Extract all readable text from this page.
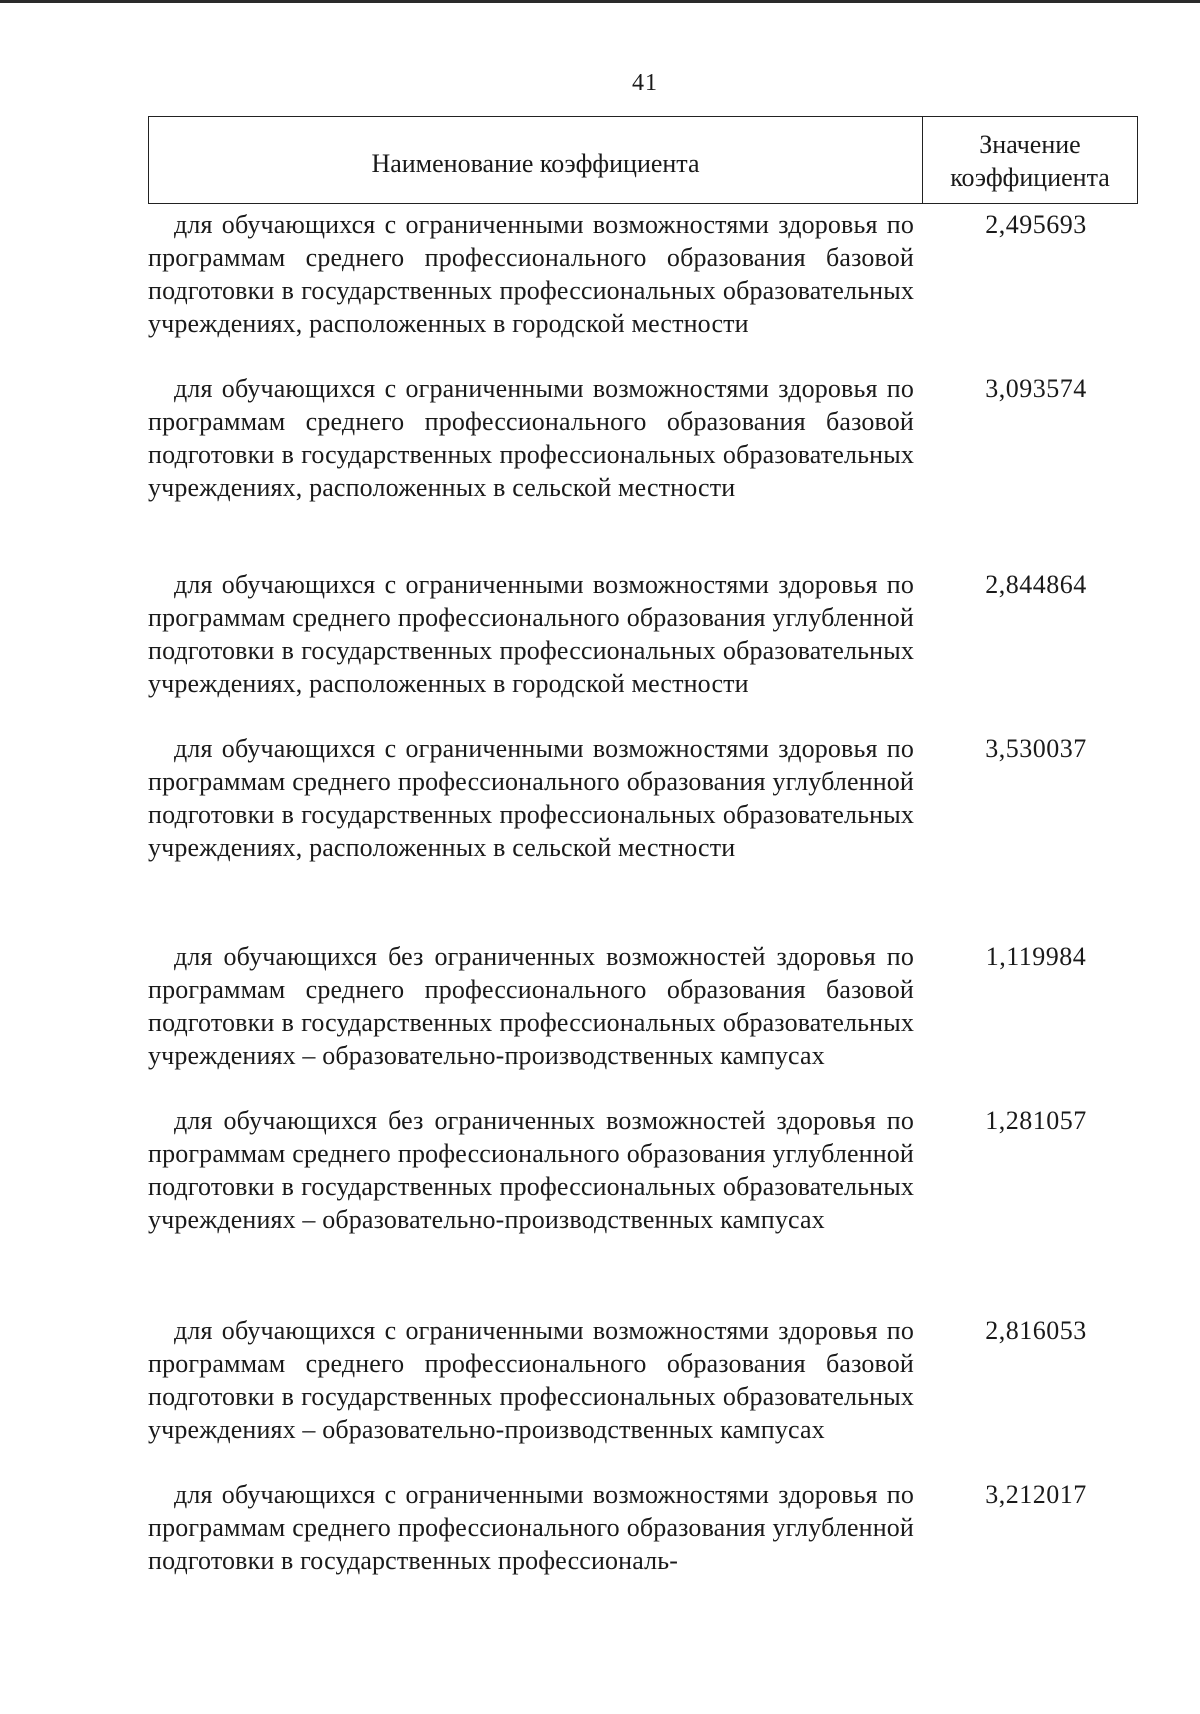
41
Наименование коэффициента
Значение
коэффициента
для обучающихся с ограниченными возможностями здоровья по программам среднего профессионального образования базовой подготовки в государственных профессиональных образовательных учреждениях, расположенных в городской местности
2,495693
для обучающихся с ограниченными возможностями здоровья по программам среднего профессионального образования базовой подготовки в государственных профессиональных образовательных учреждениях, расположенных в сельской местности
3,093574
для обучающихся с ограниченными возможностями здоровья по программам среднего профессионального образования углубленной подготовки в государственных профессиональных образовательных учреждениях, расположенных в городской местности
2,844864
для обучающихся с ограниченными возможностями здоровья по программам среднего профессионального образования углубленной подготовки в государственных профессиональных образовательных учреждениях, расположенных в сельской местности
3,530037
для обучающихся без ограниченных возможностей здоровья по программам среднего профессионального образования базовой подготовки в государственных профессиональных образовательных учреждениях – образовательно-производственных кампусах
1,119984
для обучающихся без ограниченных возможностей здоровья по программам среднего профессионального образования углубленной подготовки в государственных профессиональных образовательных учреждениях – образовательно-производственных кампусах
1,281057
для обучающихся с ограниченными возможностями здоровья по программам среднего профессионального образования базовой подготовки в государственных профессиональных образовательных учреждениях – образовательно-производственных кампусах
2,816053
для обучающихся с ограниченными возможностями здоровья по программам среднего профессионального образования углубленной подготовки в государственных профессиональ-
3,212017
